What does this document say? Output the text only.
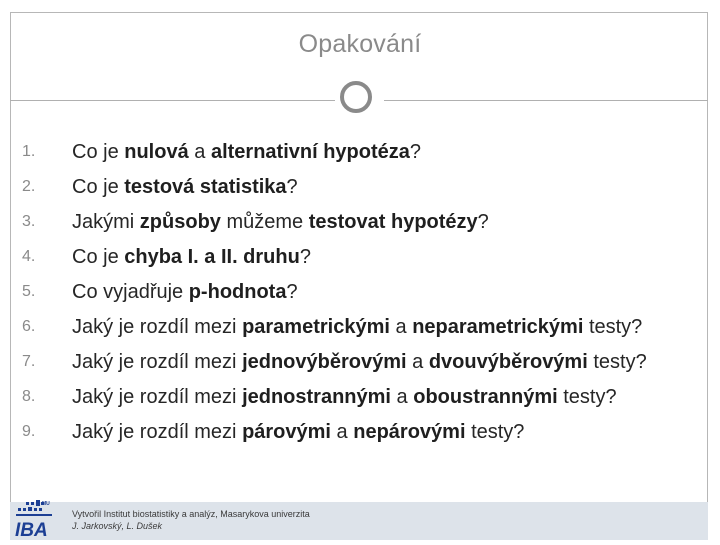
Opakování
1.	Co je nulová a alternativní hypotéza?
2.	Co je testová statistika?
3.	Jakými způsoby můžeme testovat hypotézy?
4.	Co je chyba I. a II. druhu?
5.	Co vyjadřuje p-hodnota?
6.	Jaký je rozdíl mezi parametrickými a neparametrickými testy?
7.	Jaký je rozdíl mezi jednovýběrovými a dvouvýběrovými testy?
8.	Jaký je rozdíl mezi jednostrannými a oboustrannými testy?
9.	Jaký je rozdíl mezi párovými a nepárovými testy?
MU
IBA
Vytvořil Institut biostatistiky a analýz, Masarykova univerzita
J. Jarkovský, L. Dušek
